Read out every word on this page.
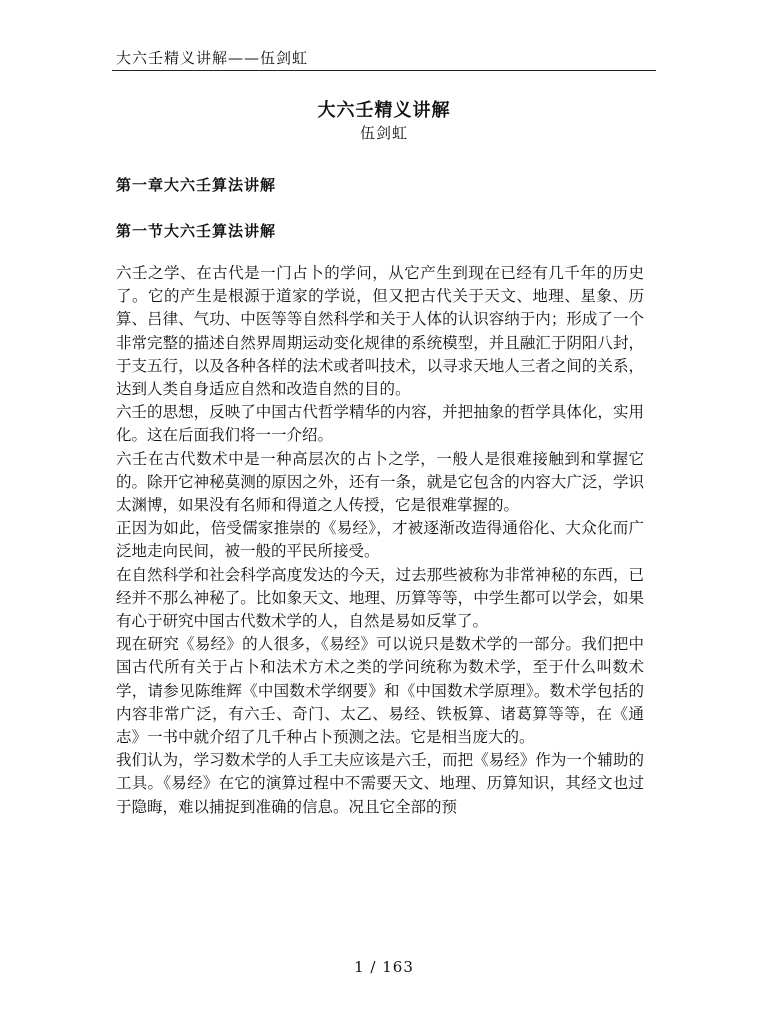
大六壬精义讲解——伍剑虹
大六壬精义讲解
伍剑虹
第一章大六壬算法讲解
第一节大六壬算法讲解

六壬之学、在古代是一门占卜的学问，从它产生到现在已经有几千年的历史了。它的产生是根源于道家的学说，但又把古代关于天文、地理、星象、历算、吕律、气功、中医等等自然科学和关于人体的认识容纳于内；形成了一个非常完整的描述自然界周期运动变化规律的系统模型，并且融汇于阴阳八封，于支五行，以及各种各样的法术或者叫技术，以寻求天地人三者之间的关系，达到人类自身适应自然和改造自然的目的。

六壬的思想，反映了中国古代哲学精华的内容，并把抽象的哲学具体化，实用化。这在后面我们将一一介绍。

六壬在古代数术中是一种高层次的占卜之学，一般人是很难接触到和掌握它的。除开它神秘莫测的原因之外，还有一条，就是它包含的内容大广泛，学识太渊博，如果没有名师和得道之人传授，它是很难掌握的。

正因为如此，倍受儒家推崇的《易经》，才被逐渐改造得通俗化、大众化而广泛地走向民间，被一般的平民所接受。

在自然科学和社会科学高度发达的今天，过去那些被称为非常神秘的东西，已经并不那么神秘了。比如象天文、地理、历算等等，中学生都可以学会，如果有心于研究中国古代数术学的人，自然是易如反掌了。

现在研究《易经》的人很多，《易经》可以说只是数术学的一部分。我们把中国古代所有关于占卜和法术方术之类的学问统称为数术学，至于什么叫数术学，请参见陈维辉《中国数术学纲要》和《中国数术学原理》。数术学包括的内容非常广泛，有六壬、奇门、太乙、易经、铁板算、诸葛算等等，在《通志》一书中就介绍了几千种占卜预测之法。它是相当庞大的。

我们认为，学习数术学的人手工夫应该是六壬，而把《易经》作为一个辅助的工具。《易经》在它的演算过程中不需要天文、地理、历算知识，其经文也过于隐晦，难以捕捉到准确的信息。况且它全部的预

1 / 163
